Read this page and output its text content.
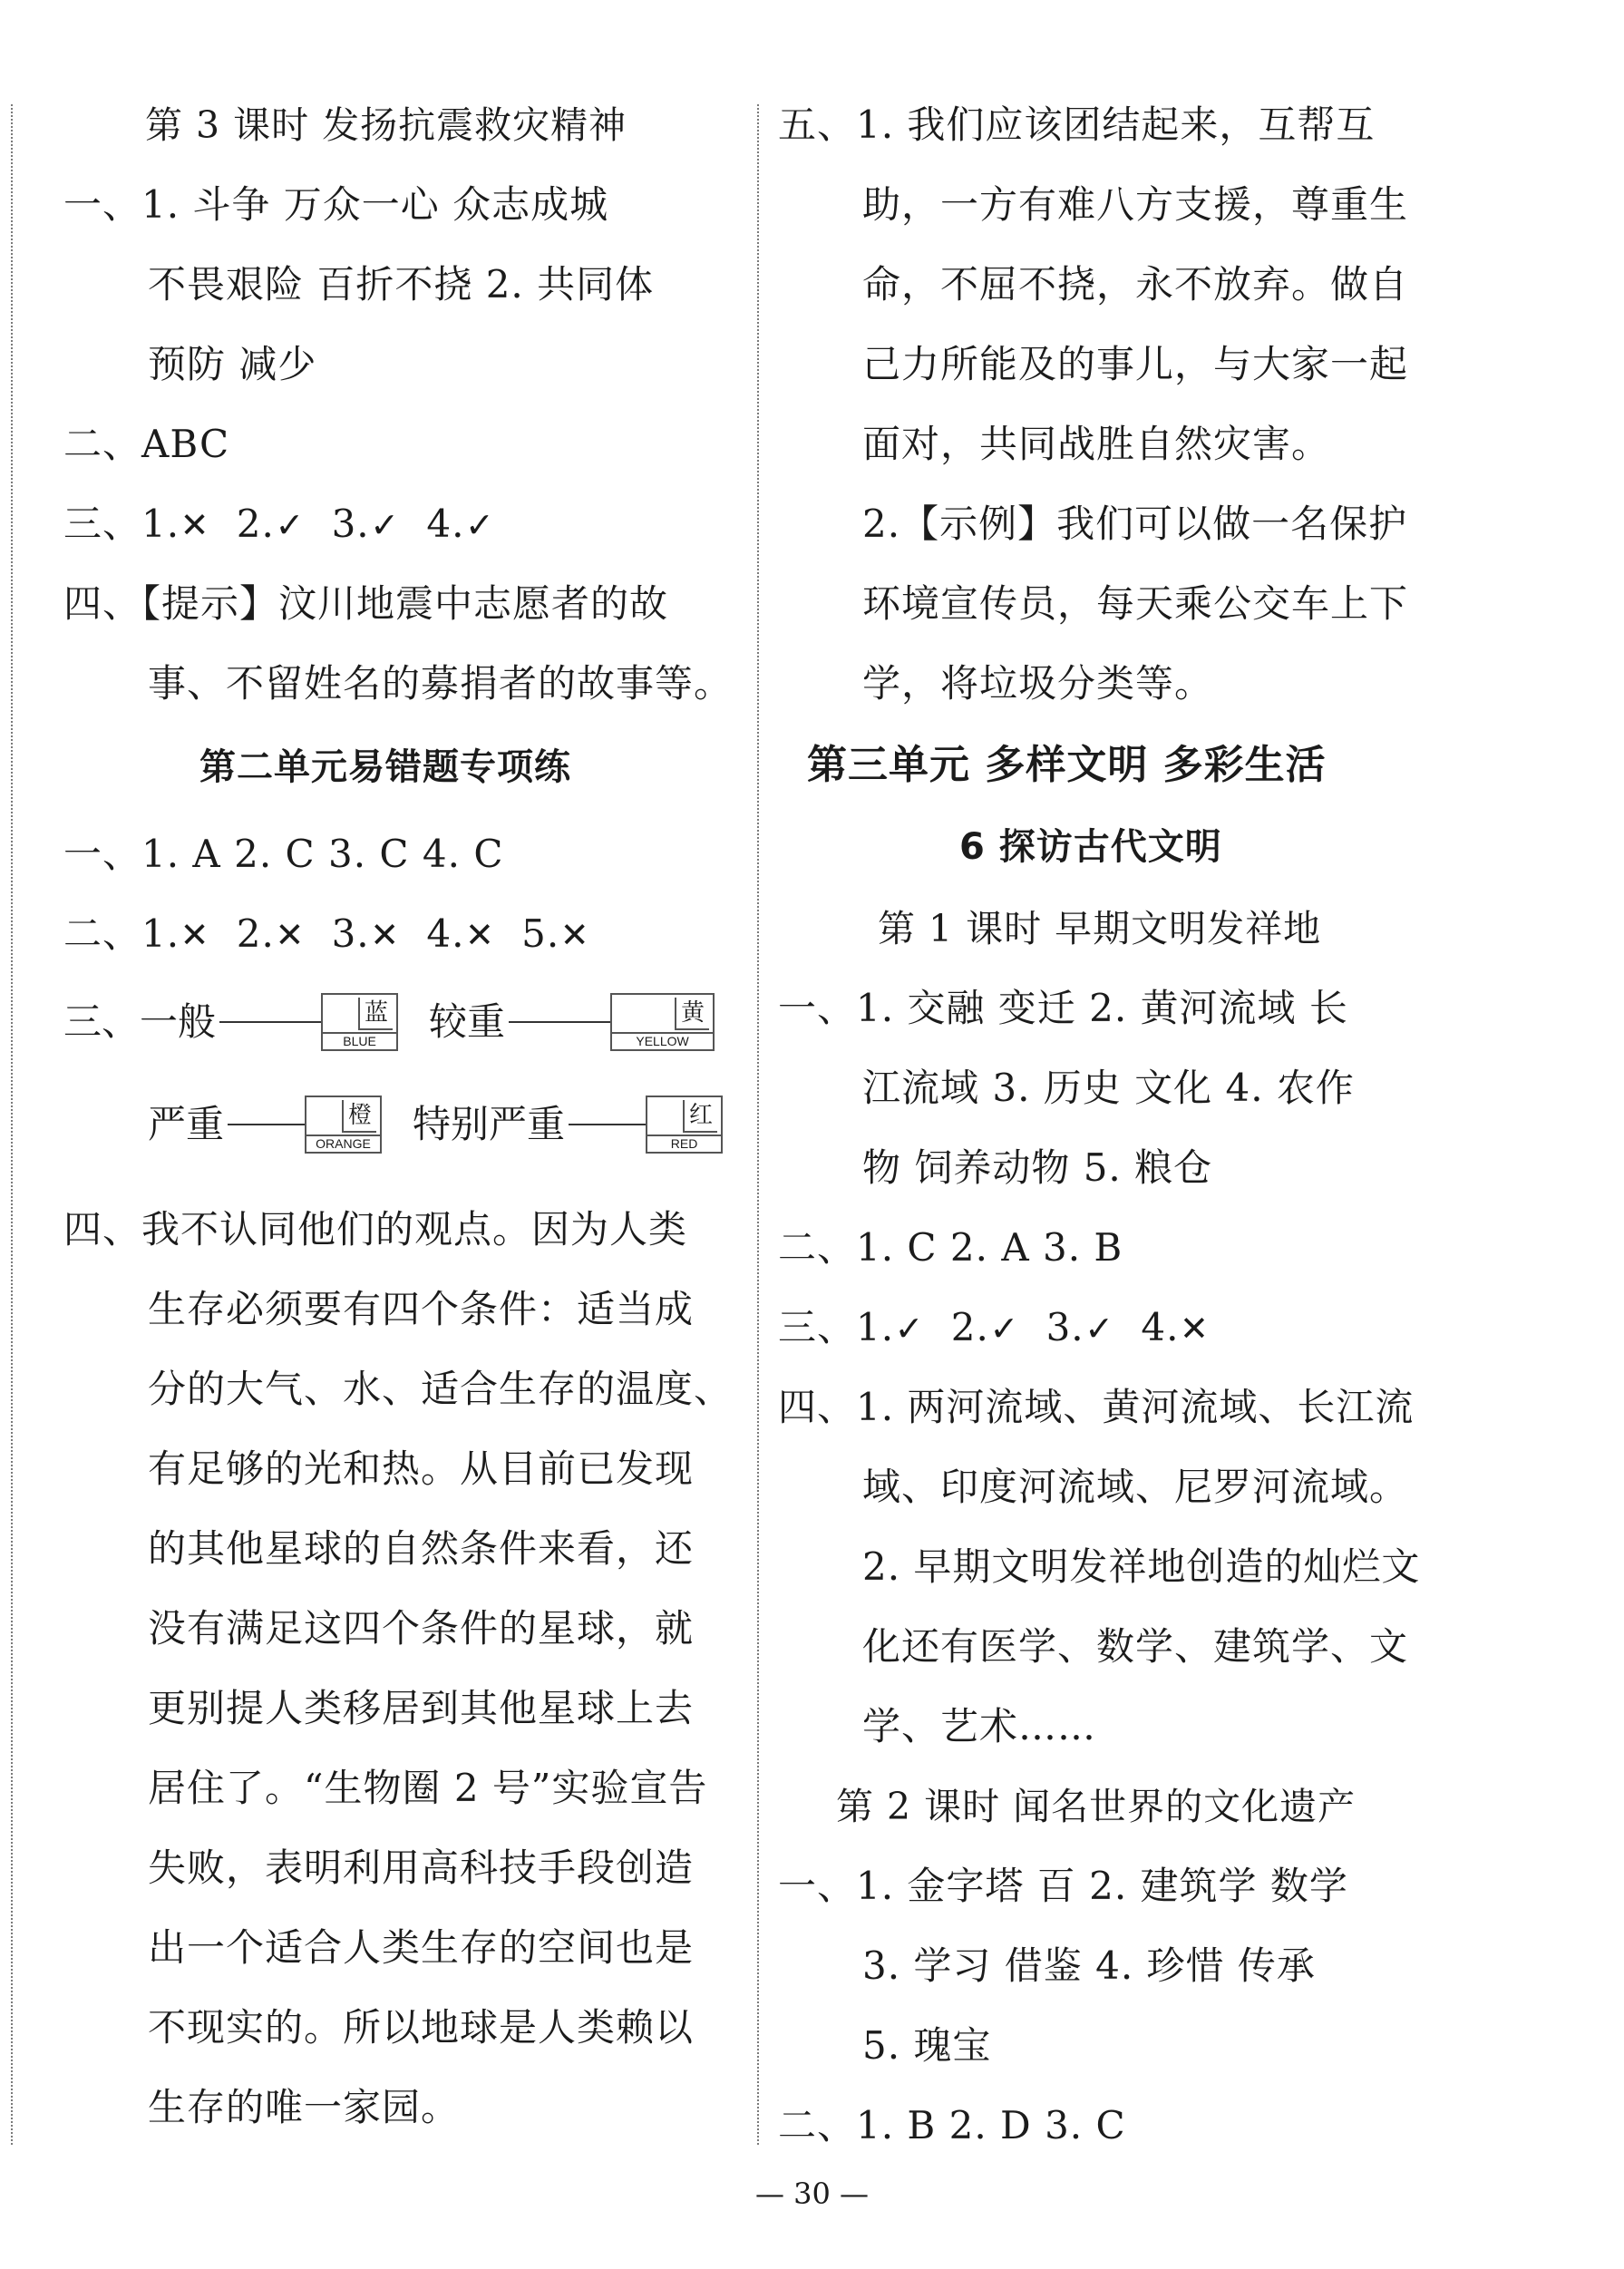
第 3 课时 发扬抗震救灾精神
一、1. 斗争 万众一心 众志成城
不畏艰险 百折不挠 2. 共同体
预防 减少
二、ABC
三、1.✕ 2.✓ 3.✓ 4.✓
四、【提示】汶川地震中志愿者的故
事、不留姓名的募捐者的故事等。
第二单元易错题专项练
一、1. A 2. C 3. C 4. C
二、1.✕ 2.✕ 3.✕ 4.✕ 5.✕
三、 一般	蓝
BLUE	较重	黄
YELLOW
严重	橙
ORANGE 特别严重	红
RED
四、我不认同他们的观点。因为人类
生存必须要有四个条件：适当成
分的大气、水、适合生存的温度、
有足够的光和热。从目前已发现
的其他星球的自然条件来看，还
没有满足这四个条件的星球，就
更别提人类移居到其他星球上去
居住了。“生物圈 2 号”实验宣告
失败，表明利用高科技手段创造
出一个适合人类生存的空间也是
不现实的。所以地球是人类赖以
生存的唯一家园。
五、1. 我们应该团结起来，互帮互
助，一方有难八方支援，尊重生
命，不屈不挠，永不放弃。做自
己力所能及的事儿，与大家一起
面对，共同战胜自然灾害。
2.【示例】我们可以做一名保护
环境宣传员，每天乘公交车上下
学，将垃圾分类等。
第三单元 多样文明 多彩生活
6 探访古代文明
第 1 课时 早期文明发祥地
一、1. 交融 变迁 2. 黄河流域 长
江流域 3. 历史 文化 4. 农作
物 饲养动物 5. 粮仓
二、1. C 2. A 3. B
三、1.✓ 2.✓ 3.✓ 4.✕
四、1. 两河流域、黄河流域、长江流
域、印度河流域、尼罗河流域。
2. 早期文明发祥地创造的灿烂文
化还有医学、数学、建筑学、文
学、艺术……
第 2 课时 闻名世界的文化遗产
一、1. 金字塔 百 2. 建筑学 数学
3. 学习 借鉴 4. 珍惜 传承
5. 瑰宝
二、1. B 2. D 3. C
— 30 —
